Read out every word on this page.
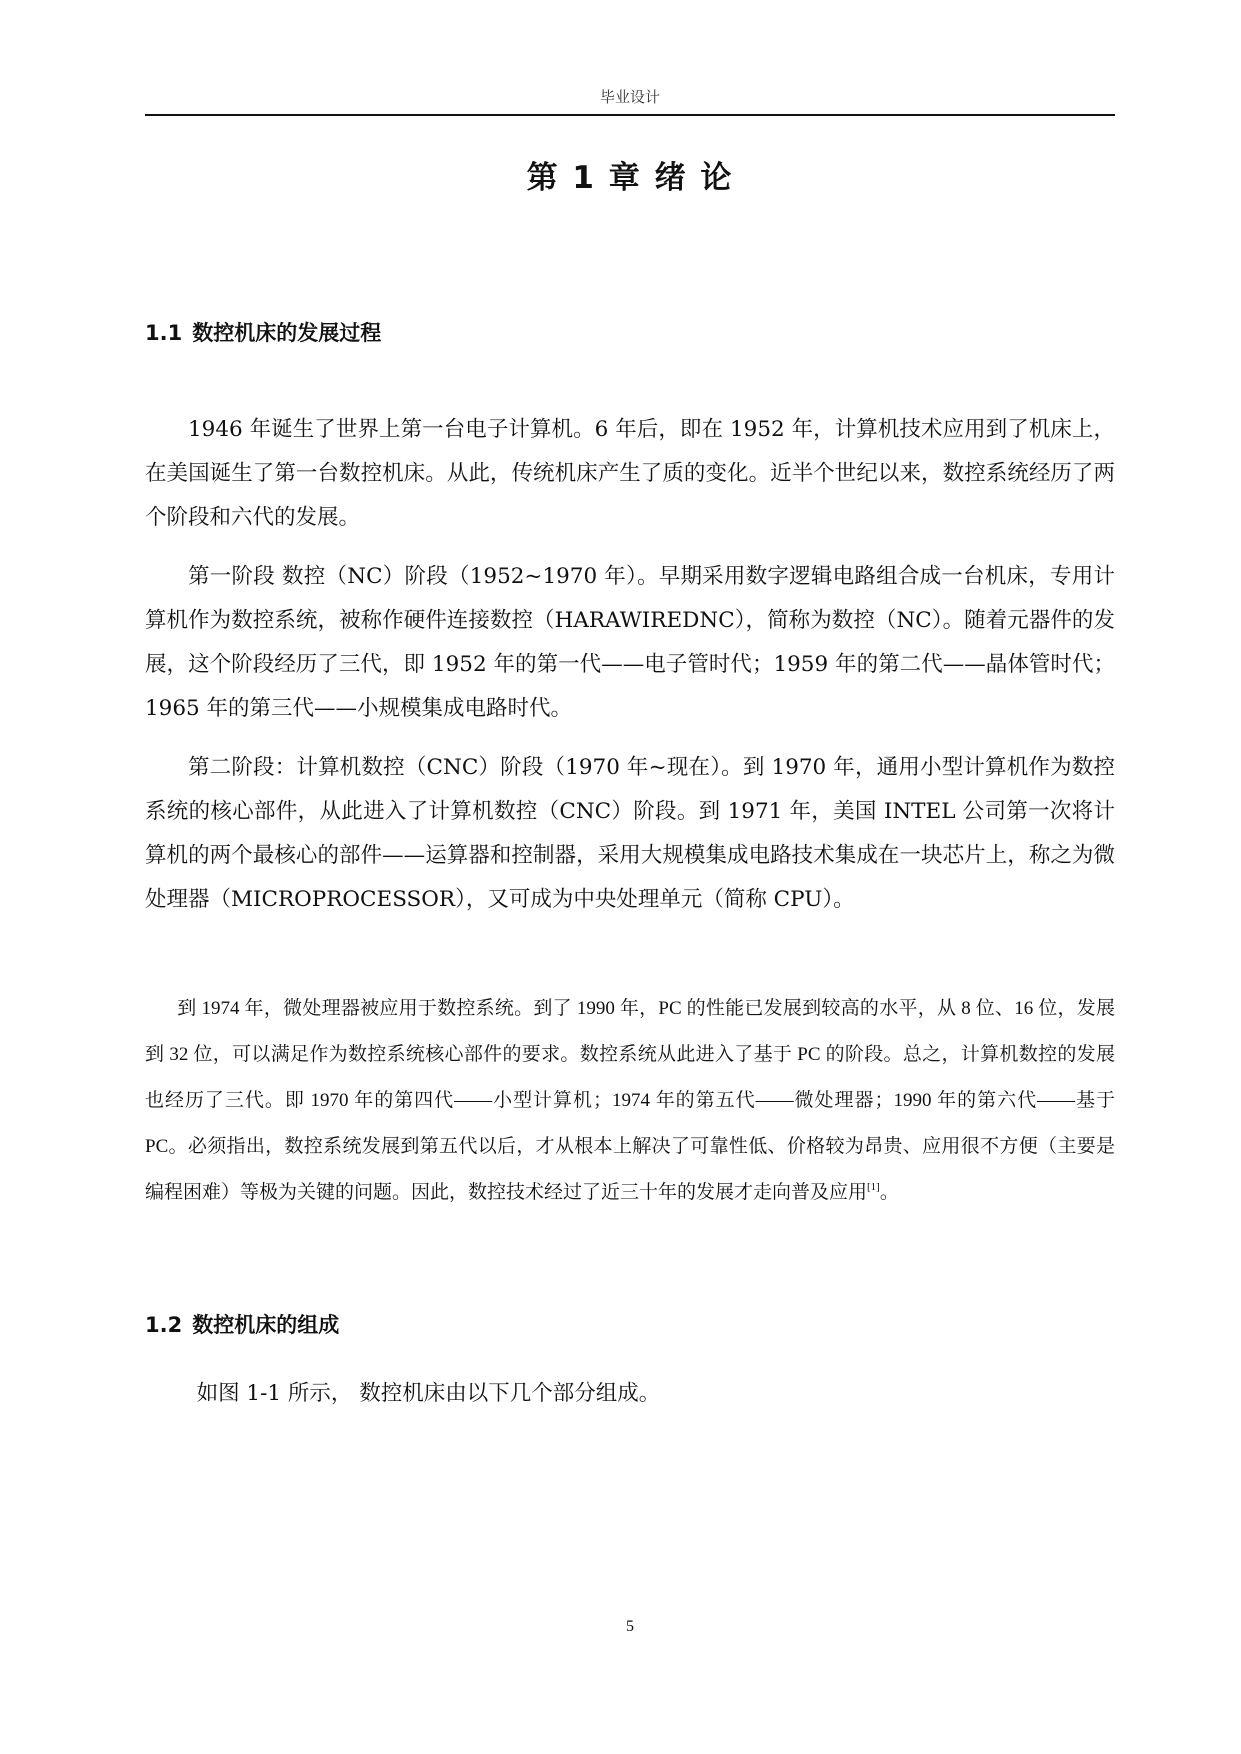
毕业设计
第 1 章 绪 论
1.1 数控机床的发展过程

1946 年诞生了世界上第一台电子计算机。6 年后，即在 1952 年，计算机技术应用到了机床上，在美国诞生了第一台数控机床。从此，传统机床产生了质的变化。近半个世纪以来，数控系统经历了两个阶段和六代的发展。

第一阶段 数控（NC）阶段（1952~1970 年）。早期采用数字逻辑电路组合成一台机床，专用计算机作为数控系统，被称作硬件连接数控（HARAWIREDNC），简称为数控（NC）。随着元器件的发展，这个阶段经历了三代，即 1952 年的第一代——电子管时代；1959 年的第二代——晶体管时代；1965 年的第三代——小规模集成电路时代。

第二阶段：计算机数控（CNC）阶段（1970 年~现在）。到 1970 年，通用小型计算机作为数控系统的核心部件，从此进入了计算机数控（CNC）阶段。到 1971 年，美国 INTEL 公司第一次将计算机的两个最核心的部件——运算器和控制器，采用大规模集成电路技术集成在一块芯片上，称之为微处理器（MICROPROCESSOR），又可成为中央处理单元（简称 CPU）。

到 1974 年，微处理器被应用于数控系统。到了 1990 年，PC 的性能已发展到较高的水平，从 8 位、16 位，发展到 32 位，可以满足作为数控系统核心部件的要求。数控系统从此进入了基于 PC 的阶段。总之，计算机数控的发展也经历了三代。即 1970 年的第四代——小型计算机；1974 年的第五代——微处理器；1990 年的第六代——基于 PC。必须指出，数控系统发展到第五代以后，才从根本上解决了可靠性低、价格较为昂贵、应用很不方便（主要是编程困难）等极为关键的问题。因此，数控技术经过了近三十年的发展才走向普及应用[1]。

1.2 数控机床的组成

如图 1-1 所示， 数控机床由以下几个部分组成。

5
